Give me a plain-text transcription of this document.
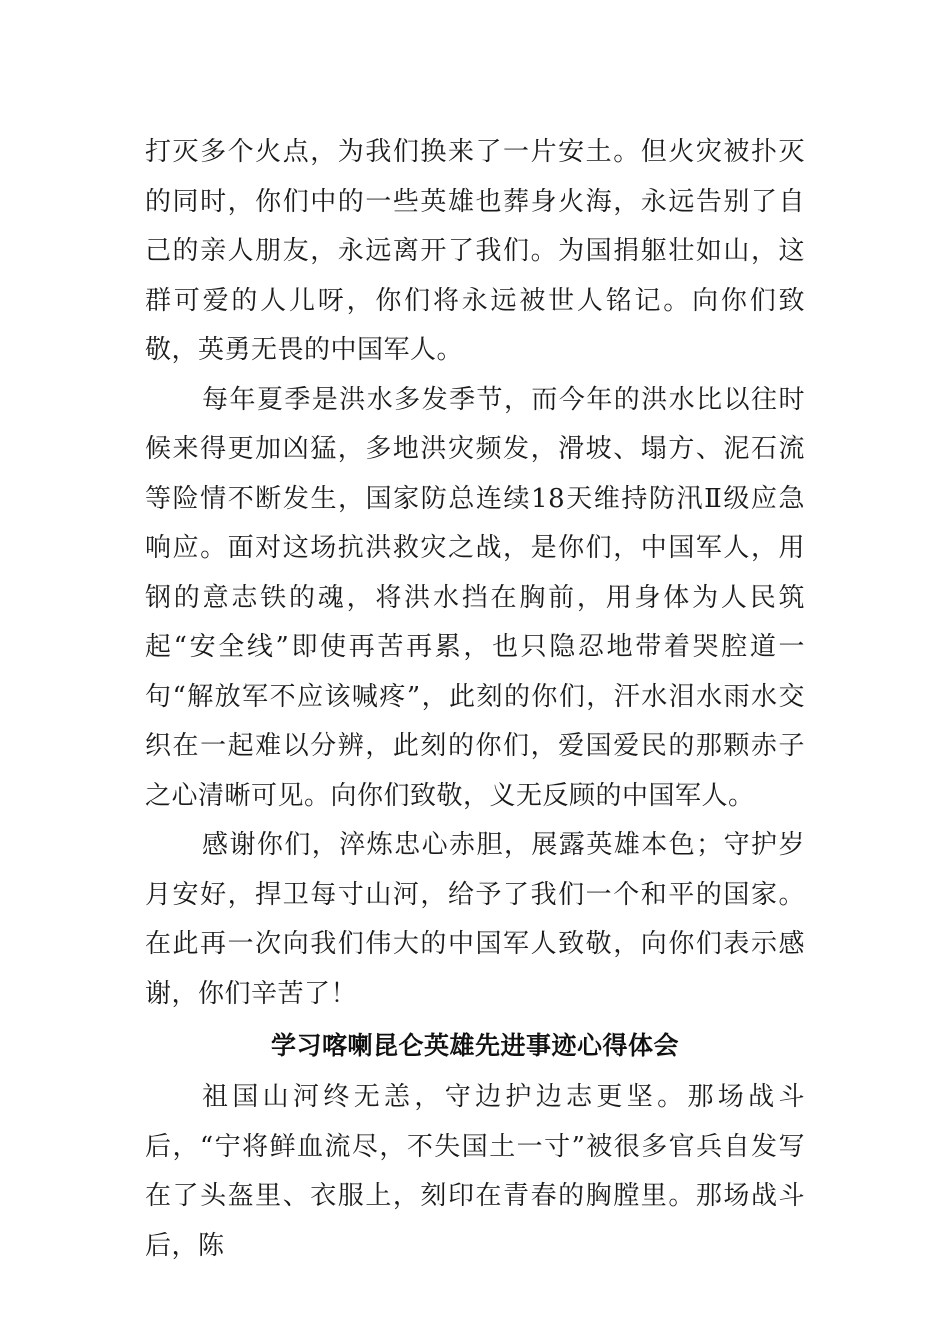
打灭多个火点，为我们换来了一片安土。但火灾被扑灭的同时，你们中的一些英雄也葬身火海，永远告别了自己的亲人朋友，永远离开了我们。为国捐躯壮如山，这群可爱的人儿呀，你们将永远被世人铭记。向你们致敬，英勇无畏的中国军人。

每年夏季是洪水多发季节，而今年的洪水比以往时候来得更加凶猛，多地洪灾频发，滑坡、塌方、泥石流等险情不断发生，国家防总连续18天维持防汛Ⅱ级应急响应。面对这场抗洪救灾之战，是你们，中国军人，用钢的意志铁的魂，将洪水挡在胸前，用身体为人民筑起“安全线”即使再苦再累，也只隐忍地带着哭腔道一句“解放军不应该喊疼”，此刻的你们，汗水泪水雨水交织在一起难以分辨，此刻的你们，爱国爱民的那颗赤子之心清晰可见。向你们致敬，义无反顾的中国军人。

感谢你们，淬炼忠心赤胆，展露英雄本色；守护岁月安好，捍卫每寸山河，给予了我们一个和平的国家。在此再一次向我们伟大的中国军人致敬，向你们表示感谢，你们辛苦了！

学习喀喇昆仑英雄先进事迹心得体会

祖国山河终无恙，守边护边志更坚。那场战斗后，“宁将鲜血流尽，不失国土一寸”被很多官兵自发写在了头盔里、衣服上，刻印在青春的胸膛里。那场战斗后，陈
